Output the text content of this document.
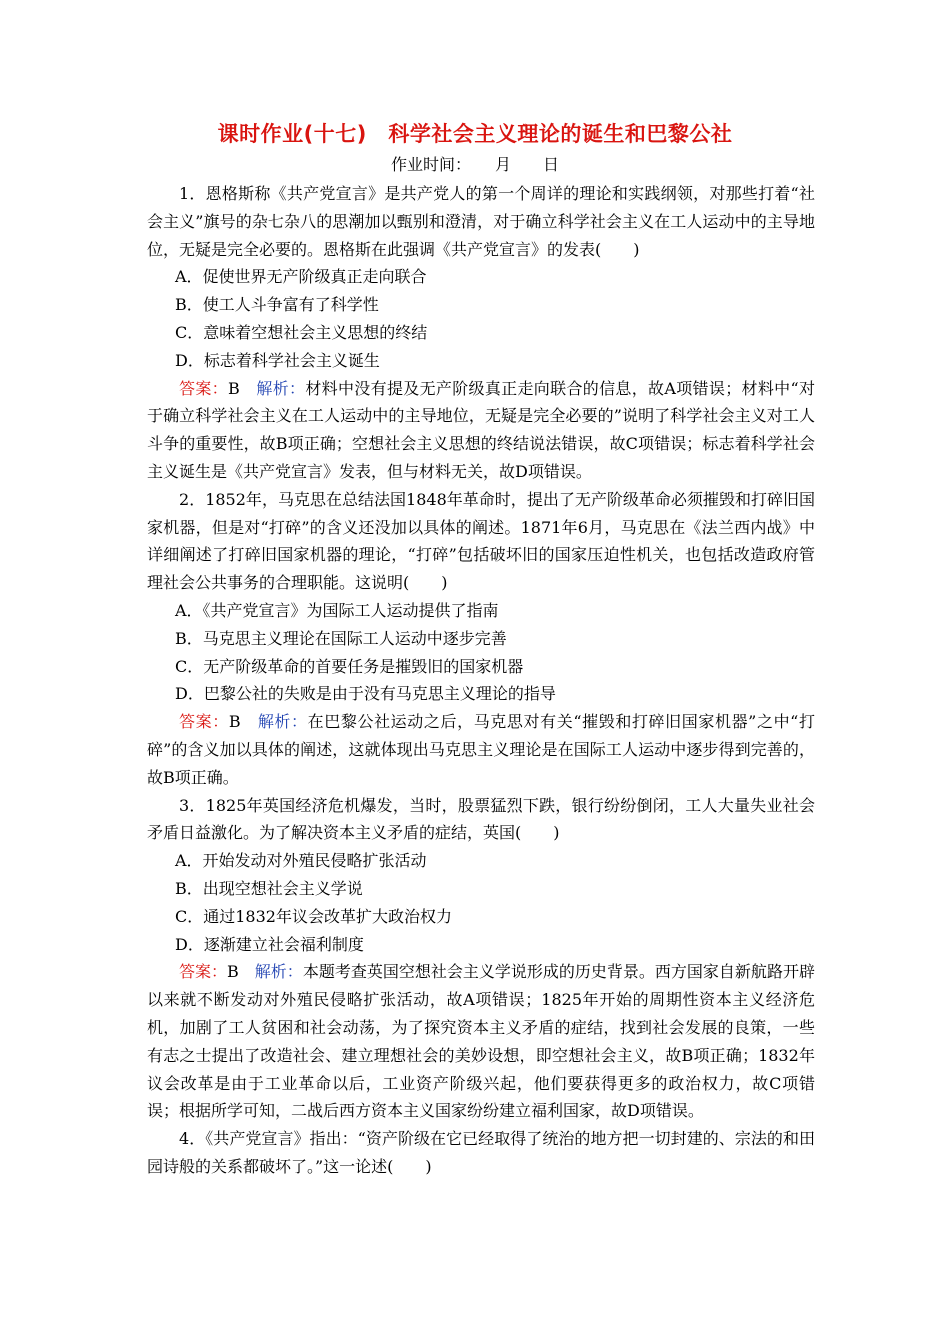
课时作业(十七)　科学社会主义理论的诞生和巴黎公社
作业时间：　　月　　日

1．恩格斯称《共产党宣言》是共产党人的第一个周详的理论和实践纲领，对那些打着“社会主义”旗号的杂七杂八的思潮加以甄别和澄清，对于确立科学社会主义在工人运动中的主导地位，无疑是完全必要的。恩格斯在此强调《共产党宣言》的发表(　　)

A．促使世界无产阶级真正走向联合

B．使工人斗争富有了科学性

C．意味着空想社会主义思想的终结

D．标志着科学社会主义诞生

答案：B　 解析：材料中没有提及无产阶级真正走向联合的信息，故A项错误；材料中“对于确立科学社会主义在工人运动中的主导地位，无疑是完全必要的”说明了科学社会主义对工人斗争的重要性，故B项正确；空想社会主义思想的终结说法错误，故C项错误；标志着科学社会主义诞生是《共产党宣言》发表，但与材料无关，故D项错误。

2．1852年，马克思在总结法国1848年革命时，提出了无产阶级革命必须摧毁和打碎旧国家机器，但是对“打碎”的含义还没加以具体的阐述。1871年6月，马克思在《法兰西内战》中详细阐述了打碎旧国家机器的理论，“打碎”包括破坏旧的国家压迫性机关，也包括改造政府管理社会公共事务的合理职能。这说明(　　)

A．《共产党宣言》为国际工人运动提供了指南

B．马克思主义理论在国际工人运动中逐步完善

C．无产阶级革命的首要任务是摧毁旧的国家机器

D．巴黎公社的失败是由于没有马克思主义理论的指导

答案：B　 解析：在巴黎公社运动之后，马克思对有关“摧毁和打碎旧国家机器”之中“打碎”的含义加以具体的阐述，这就体现出马克思主义理论是在国际工人运动中逐步得到完善的，故B项正确。

3．1825年英国经济危机爆发，当时，股票猛烈下跌，银行纷纷倒闭，工人大量失业社会矛盾日益激化。为了解决资本主义矛盾的症结，英国(　　)

A．开始发动对外殖民侵略扩张活动

B．出现空想社会主义学说

C．通过1832年议会改革扩大政治权力

D．逐渐建立社会福利制度

答案：B　 解析：本题考查英国空想社会主义学说形成的历史背景。西方国家自新航路开辟以来就不断发动对外殖民侵略扩张活动，故A项错误；1825年开始的周期性资本主义经济危机，加剧了工人贫困和社会动荡，为了探究资本主义矛盾的症结，找到社会发展的良策，一些有志之士提出了改造社会、建立理想社会的美妙设想，即空想社会主义，故B项正确；1832年议会改革是由于工业革命以后，工业资产阶级兴起，他们要获得更多的政治权力，故C项错误；根据所学可知，二战后西方资本主义国家纷纷建立福利国家，故D项错误。

4．《共产党宣言》指出：“资产阶级在它已经取得了统治的地方把一切封建的、宗法的和田园诗般的关系都破坏了。”这一论述(　　)
